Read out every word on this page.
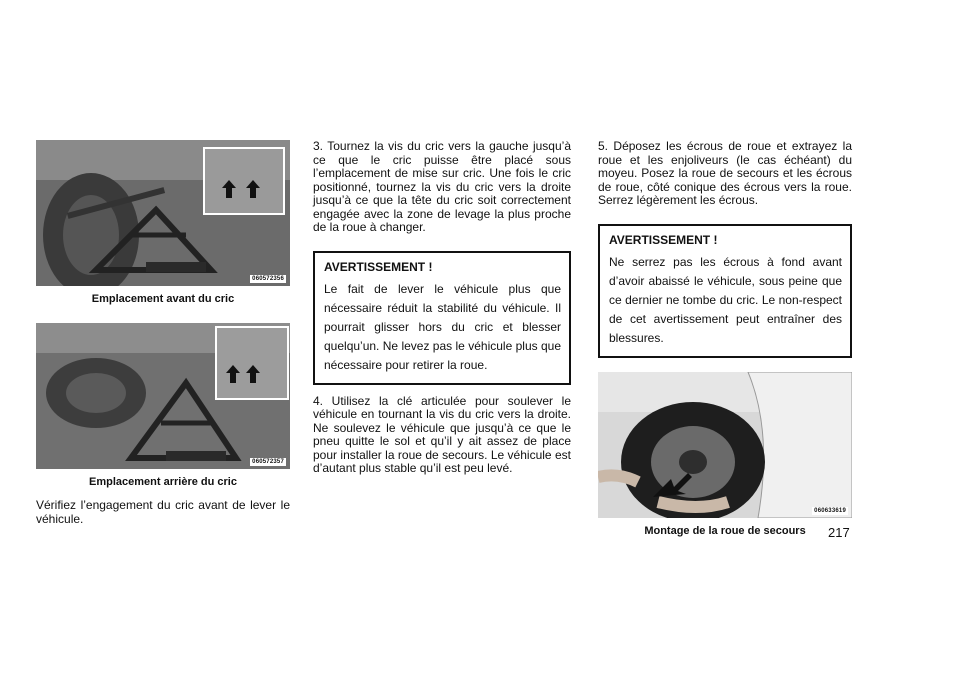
060572356
Emplacement avant du cric
060572357
Emplacement arrière du cric

Vérifiez l’engagement du cric avant de lever le véhicule.

3. Tournez la vis du cric vers la gauche jusqu’à ce que le cric puisse être placé sous l’emplacement de mise sur cric. Une fois le cric positionné, tournez la vis du cric vers la droite jusqu’à ce que la tête du cric soit correctement engagée avec la zone de levage la plus proche de la roue à changer.

AVERTISSEMENT !

Le fait de lever le véhicule plus que nécessaire réduit la stabilité du véhicule. Il pourrait glisser hors du cric et blesser quelqu’un. Ne levez pas le véhicule plus que nécessaire pour retirer la roue.

4. Utilisez la clé articulée pour soulever le véhicule en tournant la vis du cric vers la droite. Ne soulevez le véhicule que jusqu’à ce que le pneu quitte le sol et qu’il y ait assez de place pour installer la roue de secours. Le véhicule est d’autant plus stable qu’il est peu levé.

5. Déposez les écrous de roue et extrayez la roue et les enjoliveurs (le cas échéant) du moyeu. Posez la roue de secours et les écrous de roue, côté conique des écrous vers la roue. Serrez légèrement les écrous.

AVERTISSEMENT !

Ne serrez pas les écrous à fond avant d’avoir abaissé le véhicule, sous peine que ce dernier ne tombe du cric. Le non-respect de cet avertissement peut entraîner des blessures.

060633619
Montage de la roue de secours	217
